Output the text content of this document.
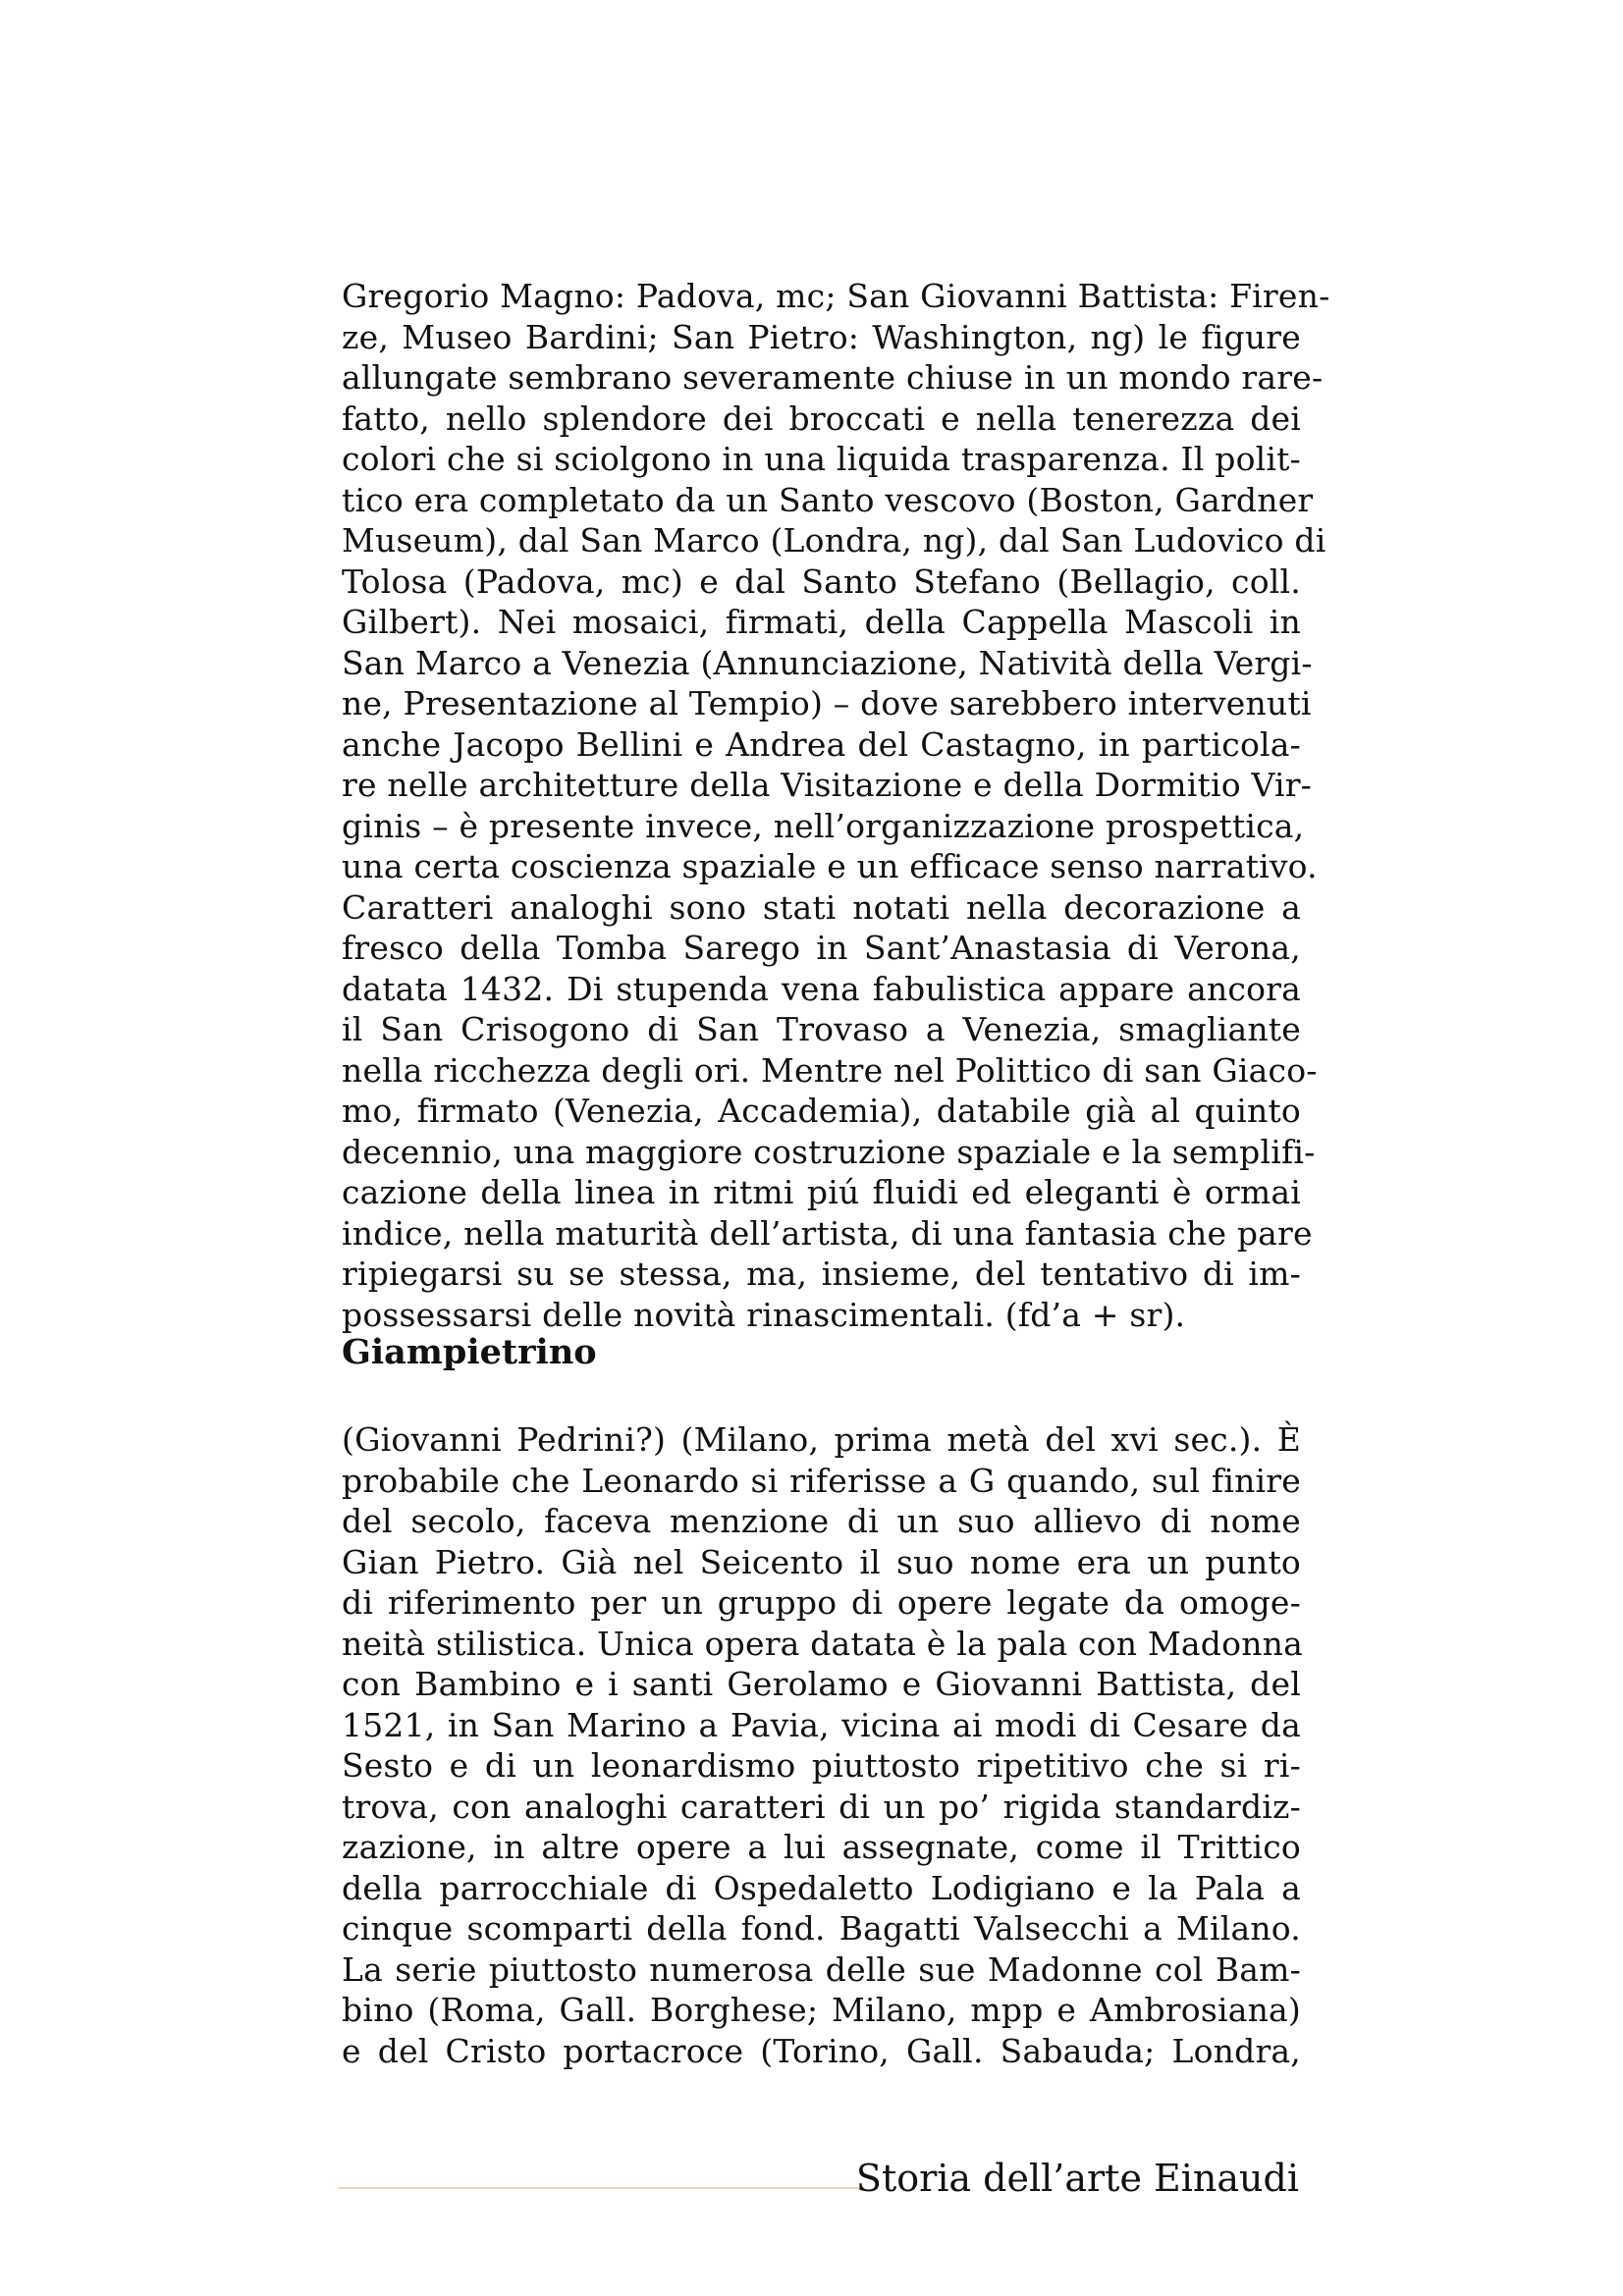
Gregorio Magno: Padova, mc; San Giovanni Battista: Firen-
ze, Museo Bardini; San Pietro: Washington, ng) le figure
allungate sembrano severamente chiuse in un mondo rare-
fatto, nello splendore dei broccati e nella tenerezza dei
colori che si sciolgono in una liquida trasparenza. Il polit-
tico era completato da un Santo vescovo (Boston, Gardner
Museum), dal San Marco (Londra, ng), dal San Ludovico di
Tolosa (Padova, mc) e dal Santo Stefano (Bellagio, coll.
Gilbert). Nei mosaici, firmati, della Cappella Mascoli in
San Marco a Venezia (Annunciazione, Natività della Vergi-
ne, Presentazione al Tempio) – dove sarebbero intervenuti
anche Jacopo Bellini e Andrea del Castagno, in particola-
re nelle architetture della Visitazione e della Dormitio Vir-
ginis – è presente invece, nell’organizzazione prospettica,
una certa coscienza spaziale e un efficace senso narrativo.
Caratteri analoghi sono stati notati nella decorazione a
fresco della Tomba Sarego in Sant’Anastasia di Verona,
datata 1432. Di stupenda vena fabulistica appare ancora
il San Crisogono di San Trovaso a Venezia, smagliante
nella ricchezza degli ori. Mentre nel Polittico di san Giaco-
mo, firmato (Venezia, Accademia), databile già al quinto
decennio, una maggiore costruzione spaziale e la semplifi-
cazione della linea in ritmi piú fluidi ed eleganti è ormai
indice, nella maturità dell’artista, di una fantasia che pare
ripiegarsi su se stessa, ma, insieme, del tentativo di im-
possessarsi delle novità rinascimentali. (fd’a + sr).
Giampietrino
(Giovanni Pedrini?) (Milano, prima metà del xvi sec.). È
probabile che Leonardo si riferisse a G quando, sul finire
del secolo, faceva menzione di un suo allievo di nome
Gian Pietro. Già nel Seicento il suo nome era un punto
di riferimento per un gruppo di opere legate da omoge-
neità stilistica. Unica opera datata è la pala con Madonna
con Bambino e i santi Gerolamo e Giovanni Battista, del
1521, in San Marino a Pavia, vicina ai modi di Cesare da
Sesto e di un leonardismo piuttosto ripetitivo che si ri-
trova, con analoghi caratteri di un po’ rigida standardiz-
zazione, in altre opere a lui assegnate, come il Trittico
della parrocchiale di Ospedaletto Lodigiano e la Pala a
cinque scomparti della fond. Bagatti Valsecchi a Milano.
La serie piuttosto numerosa delle sue Madonne col Bam-
bino (Roma, Gall. Borghese; Milano, mpp e Ambrosiana)
e del Cristo portacroce (Torino, Gall. Sabauda; Londra,
Storia dell’arte Einaudi
